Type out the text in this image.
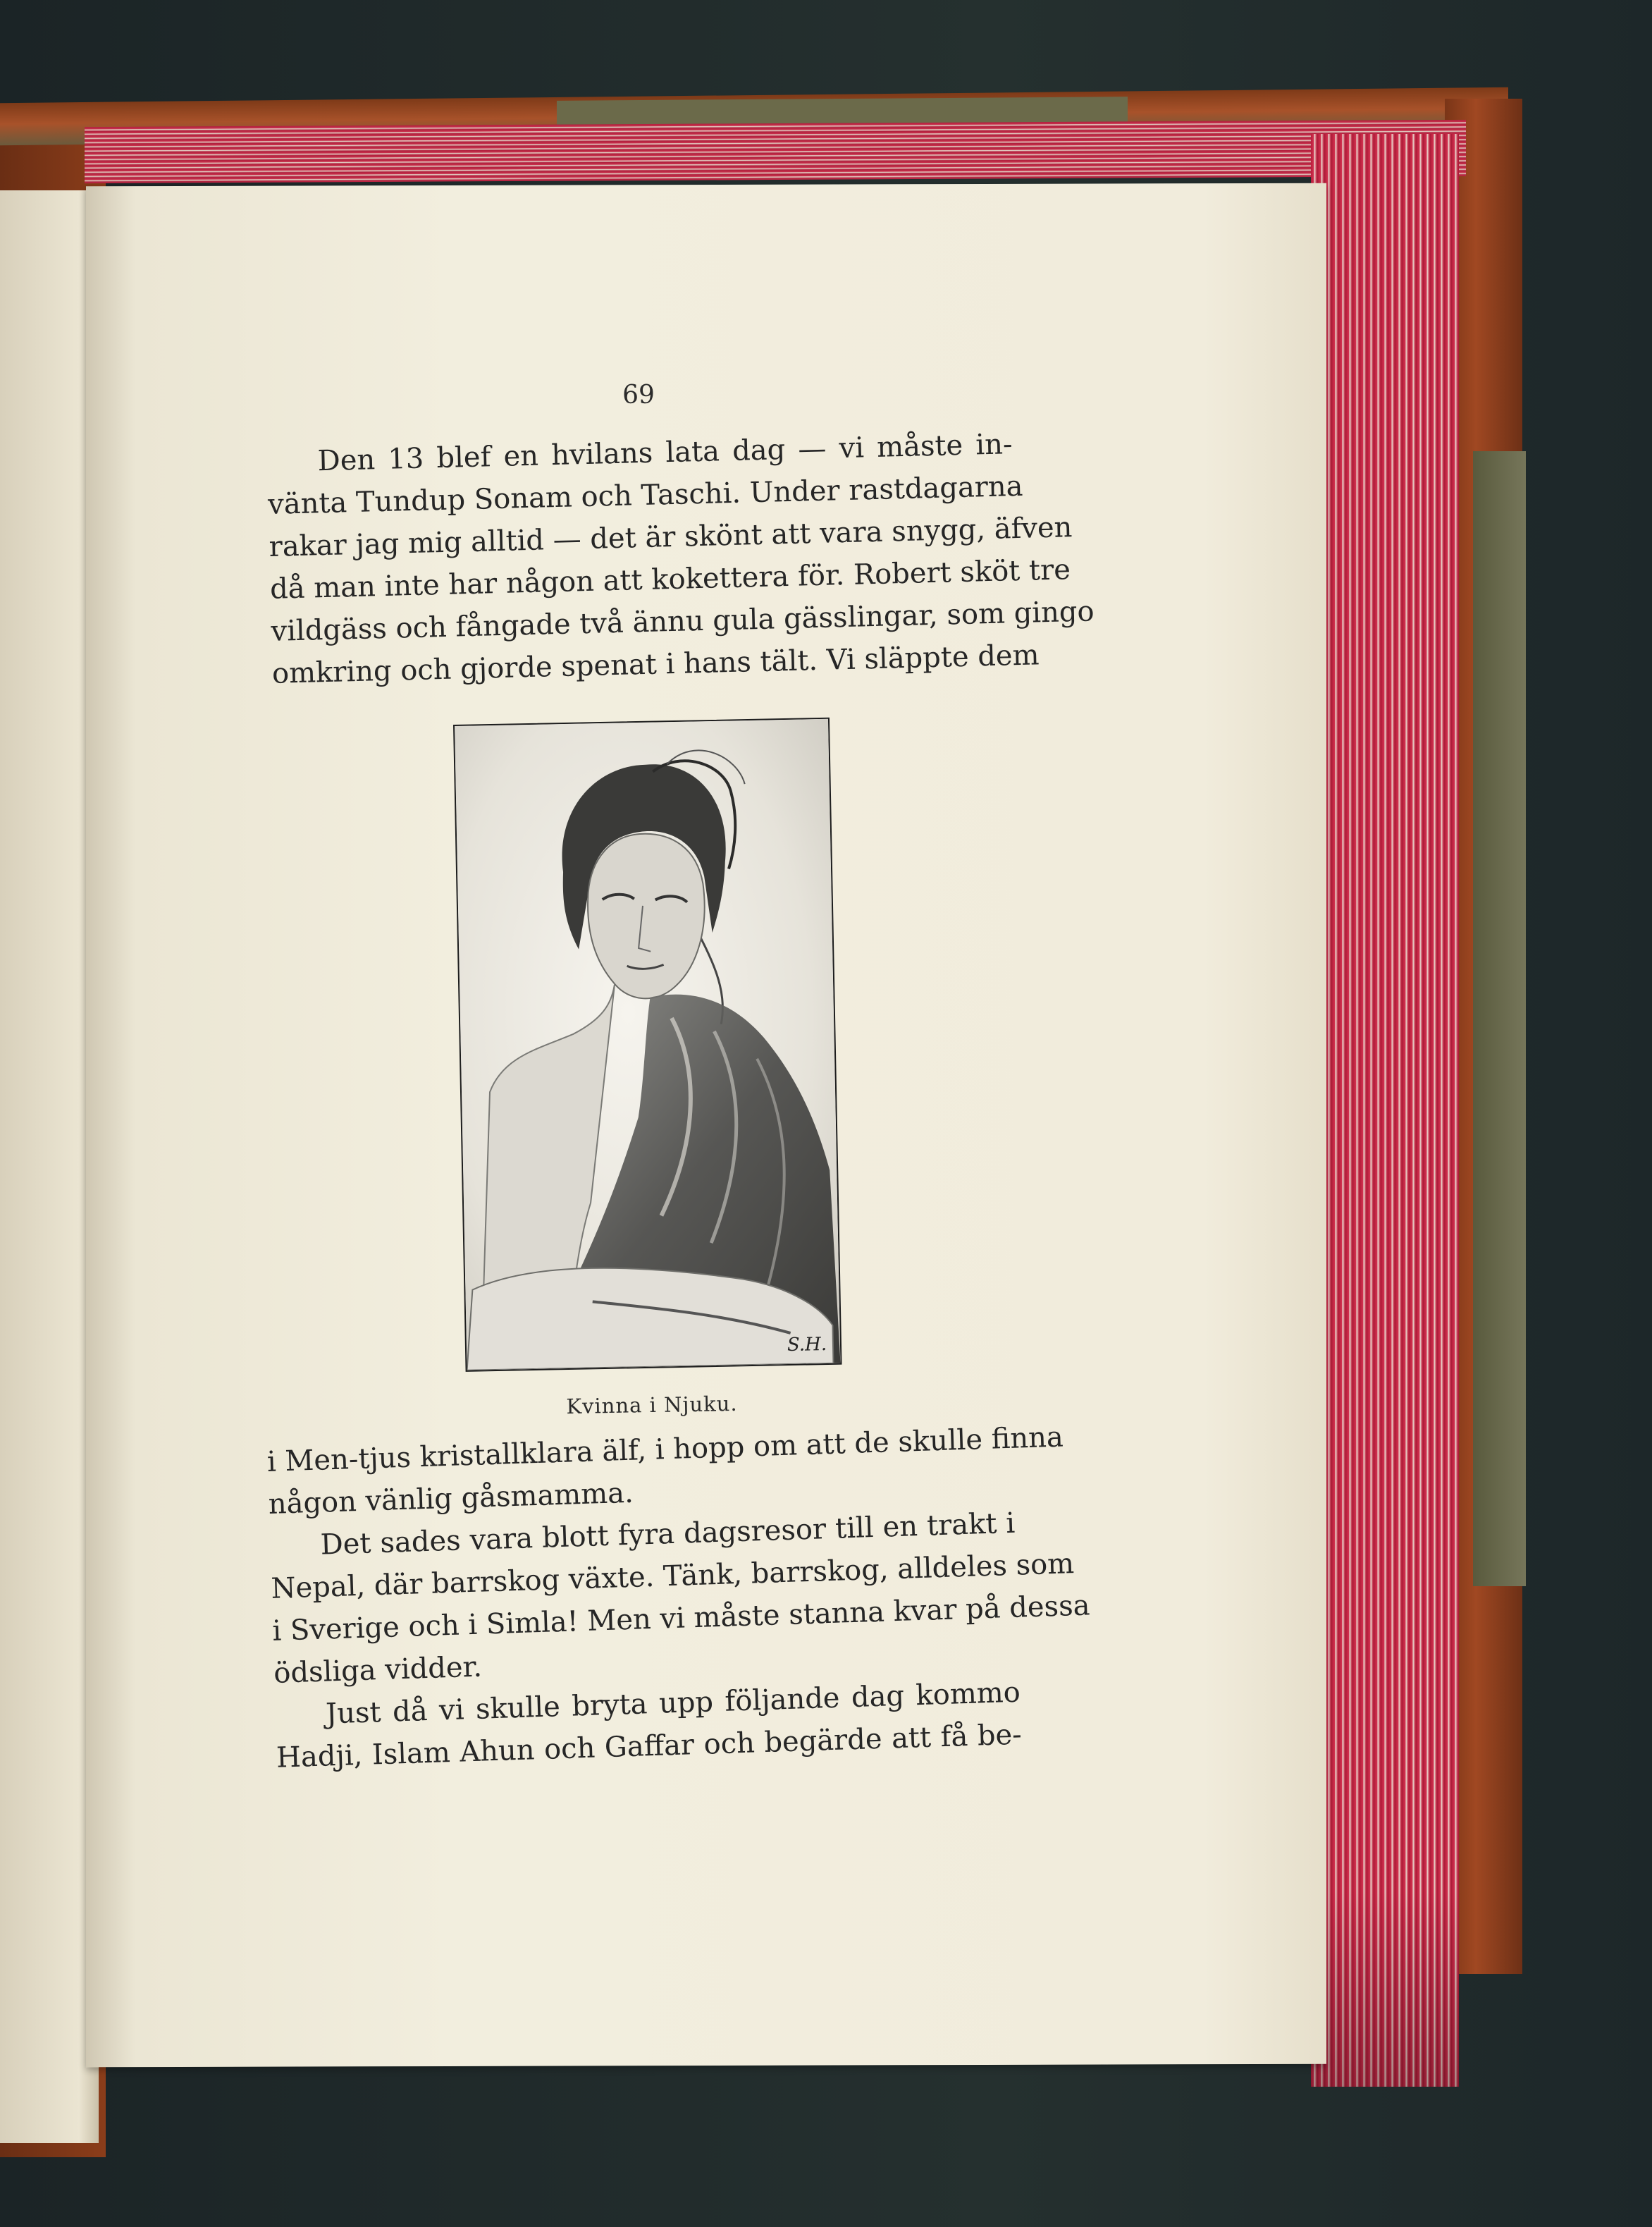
69
Den 13 blef en hvilans lata dag — vi måste in-
vänta Tundup Sonam och Taschi. Under rastdagarna
rakar jag mig alltid — det är skönt att vara snygg, äfven
då man inte har någon att kokettera för. Robert sköt tre
vildgäss och fångade två ännu gula gässlingar, som gingo
omkring och gjorde spenat i hans tält. Vi släppte dem
S.H.
Kvinna i Njuku.
i Men-tjus kristallklara älf, i hopp om att de skulle finna
någon vänlig gåsmamma.
Det sades vara blott fyra dagsresor till en trakt i
Nepal, där barrskog växte. Tänk, barrskog, alldeles som
i Sverige och i Simla! Men vi måste stanna kvar på dessa
ödsliga vidder.
Just då vi skulle bryta upp följande dag kommo
Hadji, Islam Ahun och Gaffar och begärde att få be-
